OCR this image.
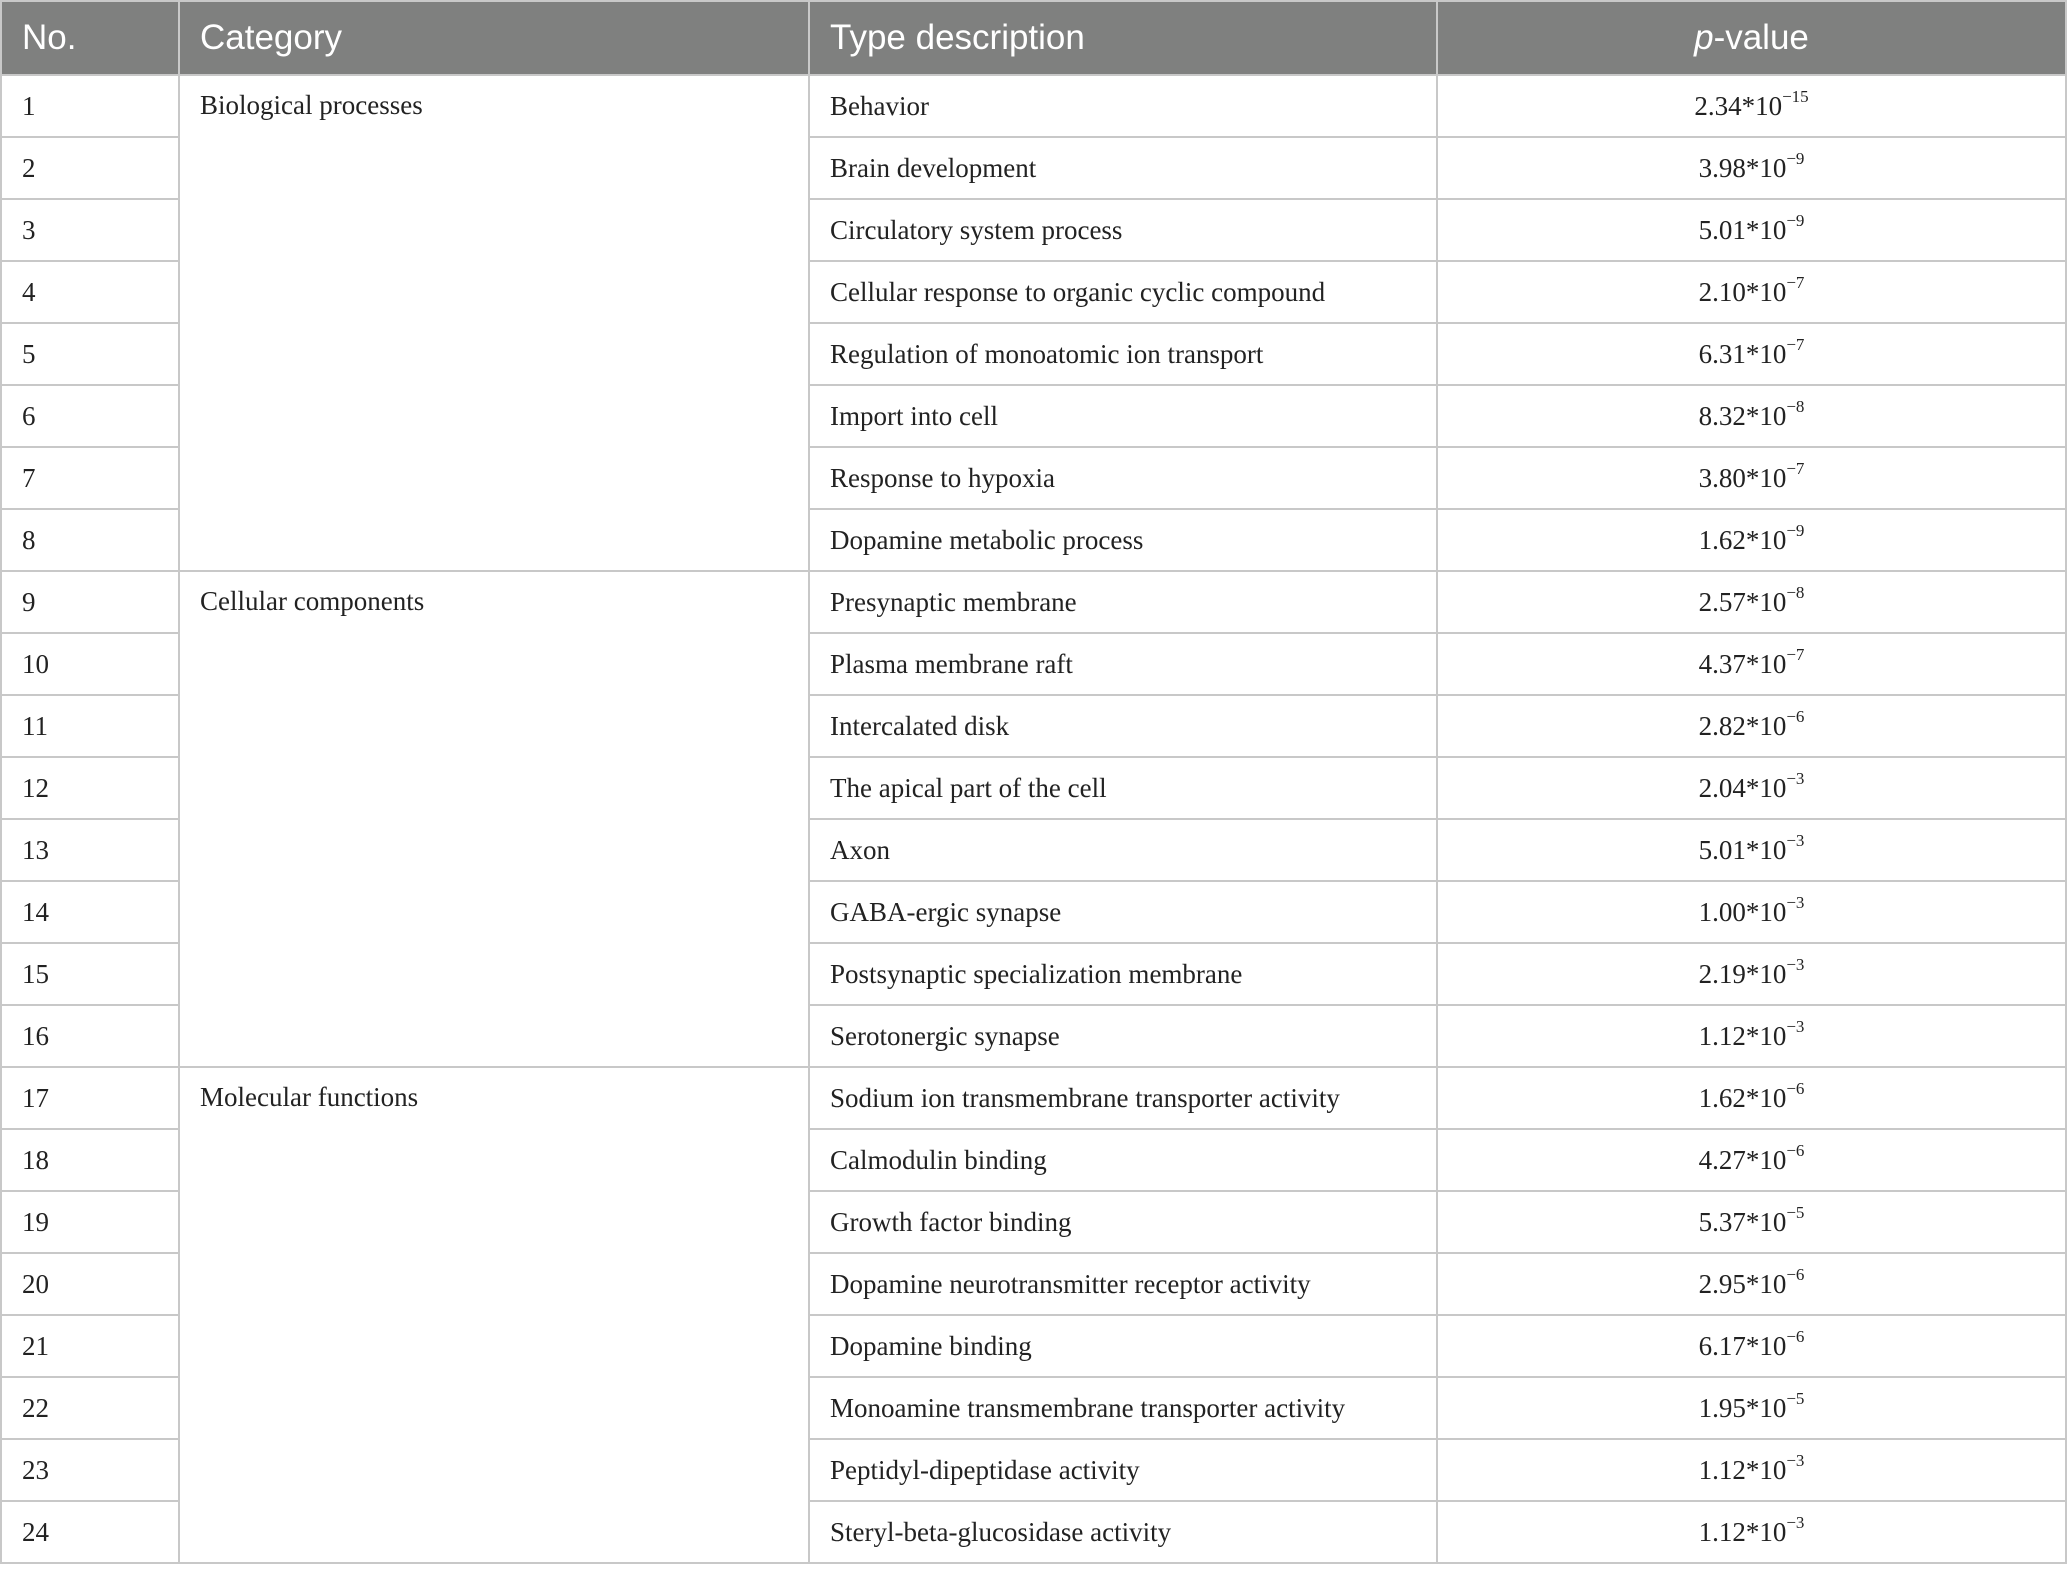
No.	Category	Type description	p-value
1	Biological processes	Behavior	$2.34*10^{-15}$
2		Brain development	$3.98*10^{-9}$
3		Circulatory system process	$5.01*10^{-9}$
4		Cellular response to organic cyclic compound	$2.10*10^{-7}$
5		Regulation of monoatomic ion transport	$6.31*10^{-7}$
6		Import into cell	$8.32*10^{-8}$
7		Response to hypoxia	$3.80*10^{-7}$
8		Dopamine metabolic process	$1.62*10^{-9}$
9	Cellular components	Presynaptic membrane	$2.57*10^{-8}$
10		Plasma membrane raft	$4.37*10^{-7}$
11		Intercalated disk	$2.82*10^{-6}$
12		The apical part of the cell	$2.04*10^{-3}$
13		Axon	$5.01*10^{-3}$
14		GABA-ergic synapse	$1.00*10^{-3}$
15		Postsynaptic specialization membrane	$2.19*10^{-3}$
16		Serotonergic synapse	$1.12*10^{-3}$
17	Molecular functions	Sodium ion transmembrane transporter activity	$1.62*10^{-6}$
18		Calmodulin binding	$4.27*10^{-6}$
19		Growth factor binding	$5.37*10^{-5}$
20		Dopamine neurotransmitter receptor activity	$2.95*10^{-6}$
21		Dopamine binding	$6.17*10^{-6}$
22		Monoamine transmembrane transporter activity	$1.95*10^{-5}$
23		Peptidyl-dipeptidase activity	$1.12*10^{-3}$
24		Steryl-beta-glucosidase activity	$1.12*10^{-3}$
